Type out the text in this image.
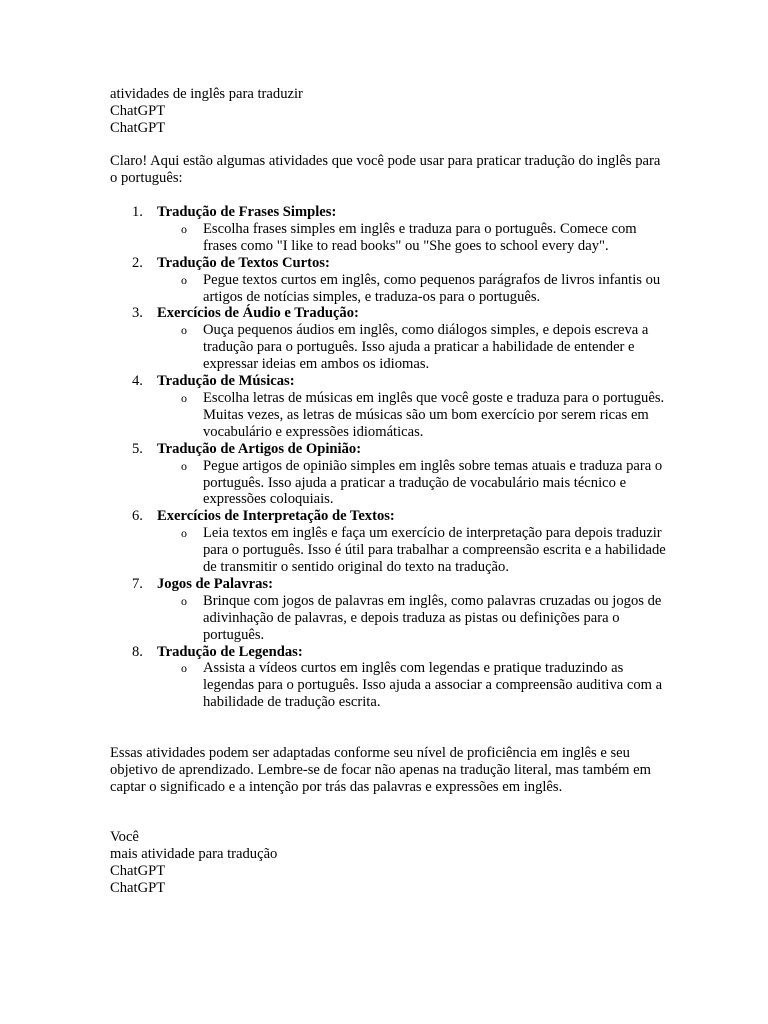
atividades de inglês para traduzir
ChatGPT
ChatGPT
Claro! Aqui estão algumas atividades que você pode usar para praticar tradução do inglês para o português:
1. Tradução de Frases Simples:
o Escolha frases simples em inglês e traduza para o português. Comece com frases como "I like to read books" ou "She goes to school every day".
2. Tradução de Textos Curtos:
o Pegue textos curtos em inglês, como pequenos parágrafos de livros infantis ou artigos de notícias simples, e traduza-os para o português.
3. Exercícios de Áudio e Tradução:
o Ouça pequenos áudios em inglês, como diálogos simples, e depois escreva a tradução para o português. Isso ajuda a praticar a habilidade de entender e expressar ideias em ambos os idiomas.
4. Tradução de Músicas:
o Escolha letras de músicas em inglês que você goste e traduza para o português. Muitas vezes, as letras de músicas são um bom exercício por serem ricas em vocabulário e expressões idiomáticas.
5. Tradução de Artigos de Opinião:
o Pegue artigos de opinião simples em inglês sobre temas atuais e traduza para o português. Isso ajuda a praticar a tradução de vocabulário mais técnico e expressões coloquiais.
6. Exercícios de Interpretação de Textos:
o Leia textos em inglês e faça um exercício de interpretação para depois traduzir para o português. Isso é útil para trabalhar a compreensão escrita e a habilidade de transmitir o sentido original do texto na tradução.
7. Jogos de Palavras:
o Brinque com jogos de palavras em inglês, como palavras cruzadas ou jogos de adivinhação de palavras, e depois traduza as pistas ou definições para o português.
8. Tradução de Legendas:
o Assista a vídeos curtos em inglês com legendas e pratique traduzindo as legendas para o português. Isso ajuda a associar a compreensão auditiva com a habilidade de tradução escrita.
Essas atividades podem ser adaptadas conforme seu nível de proficiência em inglês e seu objetivo de aprendizado. Lembre-se de focar não apenas na tradução literal, mas também em captar o significado e a intenção por trás das palavras e expressões em inglês.
Você
mais atividade para tradução
ChatGPT
ChatGPT
